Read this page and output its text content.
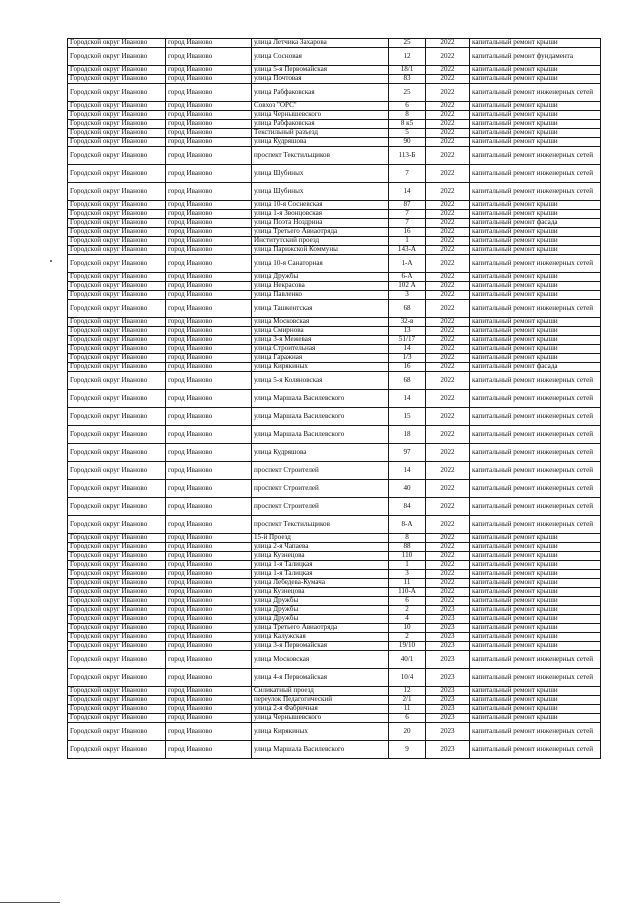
Городской округ Иваново	город Иваново	улица Летчика Захарова	25	2022	капитальный ремонт крыши
Городской округ Иваново	город Иваново	улица Сосновая	12	2022	капитальный ремонт фундамента
Городской округ Иваново	город Иваново	улица 5-я Первомайская	18/1	2022	капитальный ремонт крыши
Городской округ Иваново	город Иваново	улица Почтовая	83	2022	капитальный ремонт крыши
Городской округ Иваново	город Иваново	улица Рабфаковская	25	2022	капитальный ремонт инженерных сетей
Городской округ Иваново	город Иваново	Совхоз "ОРС"	6	2022	капитальный ремонт крыши
Городской округ Иваново	город Иваново	улица Чернышевского	8	2022	капитальный ремонт крыши
Городской округ Иваново	город Иваново	улица Рабфаковская	8 к5	2022	капитальный ремонт крыши
Городской округ Иваново	город Иваново	Текстильный разъезд	5	2022	капитальный ремонт крыши
Городской округ Иваново	город Иваново	улица Кудряшова	90	2022	капитальный ремонт крыши
Городской округ Иваново	город Иваново	проспект Текстильщиков	113-Б	2022	капитальный ремонт инженерных сетей
Городской округ Иваново	город Иваново	улица Шубиных	7	2022	капитальный ремонт инженерных сетей
Городской округ Иваново	город Иваново	улица Шубиных	14	2022	капитальный ремонт инженерных сетей
Городской округ Иваново	город Иваново	улица 10-я Сосневская	87	2022	капитальный ремонт крыши
Городской округ Иваново	город Иваново	улица 1-я Звонцовская	7	2022	капитальный ремонт крыши
Городской округ Иваново	город Иваново	улица Поэта Ноздрина	7	2022	капитальный ремонт фасада
Городской округ Иваново	город Иваново	улица Третьего Авиаотряда	16	2022	капитальный ремонт крыши
Городской округ Иваново	город Иваново	Институтский проезд	1	2022	капитальный ремонт крыши
Городской округ Иваново	город Иваново	улица Парижской Коммуны	143-А	2022	капитальный ремонт крыши
Городской округ Иваново	город Иваново	улица 10-я Санаторная	1-А	2022	капитальный ремонт инженерных сетей
Городской округ Иваново	город Иваново	улица Дружбы	6-А	2022	капитальный ремонт крыши
Городской округ Иваново	город Иваново	улица Некрасова	102 А	2022	капитальный ремонт крыши
Городской округ Иваново	город Иваново	улица Павленко	3	2022	капитальный ремонт крыши
Городской округ Иваново	город Иваново	улица Ташкентская	68	2022	капитальный ремонт инженерных сетей
Городской округ Иваново	город Иваново	улица Московская	32-в	2022	капитальный ремонт крыши
Городской округ Иваново	город Иваново	улица Смирнова	13	2022	капитальный ремонт крыши
Городской округ Иваново	город Иваново	улица 3-я Межевая	51/17	2022	капитальный ремонт крыши
Городской округ Иваново	город Иваново	улица Строительная	14	2022	капитальный ремонт крыши
Городской округ Иваново	город Иваново	улица Гаражная	1/3	2022	капитальный ремонт крыши
Городской округ Иваново	город Иваново	улица Кирякиных	16	2022	капитальный ремонт фасада
Городской округ Иваново	город Иваново	улица 5-я Коляновская	68	2022	капитальный ремонт инженерных сетей
Городской округ Иваново	город Иваново	улица Маршала Василевского	14	2022	капитальный ремонт инженерных сетей
Городской округ Иваново	город Иваново	улица Маршала Василевского	15	2022	капитальный ремонт инженерных сетей
Городской округ Иваново	город Иваново	улица Маршала Василевского	18	2022	капитальный ремонт инженерных сетей
Городской округ Иваново	город Иваново	улица Кудряшова	97	2022	капитальный ремонт инженерных сетей
Городской округ Иваново	город Иваново	проспект Строителей	14	2022	капитальный ремонт инженерных сетей
Городской округ Иваново	город Иваново	проспект Строителей	40	2022	капитальный ремонт инженерных сетей
Городской округ Иваново	город Иваново	проспект Строителей	84	2022	капитальный ремонт инженерных сетей
Городской округ Иваново	город Иваново	проспект Текстильщиков	8-А	2022	капитальный ремонт инженерных сетей
Городской округ Иваново	город Иваново	15-й Проезд	8	2022	капитальный ремонт крыши
Городской округ Иваново	город Иваново	улица 2-я Чапаева	88	2022	капитальный ремонт крыши
Городской округ Иваново	город Иваново	улица Кузнецова	110	2022	капитальный ремонт крыши
Городской округ Иваново	город Иваново	улица 1-я Талицкая	1	2022	капитальный ремонт крыши
Городской округ Иваново	город Иваново	улица 1-я Талицкая	3	2022	капитальный ремонт крыши
Городской округ Иваново	город Иваново	улица Лебедева-Кумача	11	2022	капитальный ремонт крыши
Городской округ Иваново	город Иваново	улица Кузнецова	110-А	2022	капитальный ремонт крыши
Городской округ Иваново	город Иваново	улица Дружбы	6	2022	капитальный ремонт крыши
Городской округ Иваново	город Иваново	улица Дружбы	2	2023	капитальный ремонт крыши
Городской округ Иваново	город Иваново	улица Дружбы	4	2023	капитальный ремонт крыши
Городской округ Иваново	город Иваново	улица Третьего Авиаотряда	10	2023	капитальный ремонт крыши
Городской округ Иваново	город Иваново	улица Калужская	2	2023	капитальный ремонт крыши
Городской округ Иваново	город Иваново	улица 3-я Первомайская	19/10	2023	капитальный ремонт крыши
Городской округ Иваново	город Иваново	улица Московская	40/1	2023	капитальный ремонт инженерных сетей
Городской округ Иваново	город Иваново	улица 4-я Первомайская	10/4	2023	капитальный ремонт инженерных сетей
Городской округ Иваново	город Иваново	Силикатный проезд	12	2023	капитальный ремонт крыши
Городской округ Иваново	город Иваново	переулок Педагогический	2/1	2023	капитальный ремонт крыши
Городской округ Иваново	город Иваново	улица 2-я Фабричная	11	2023	капитальный ремонт крыши
Городской округ Иваново	город Иваново	улица Чернышевского	6	2023	капитальный ремонт крыши
Городской округ Иваново	город Иваново	улица Кирякиных	20	2023	капитальный ремонт инженерных сетей
Городской округ Иваново	город Иваново	улица Маршала Василевского	9	2023	капитальный ремонт инженерных сетей
